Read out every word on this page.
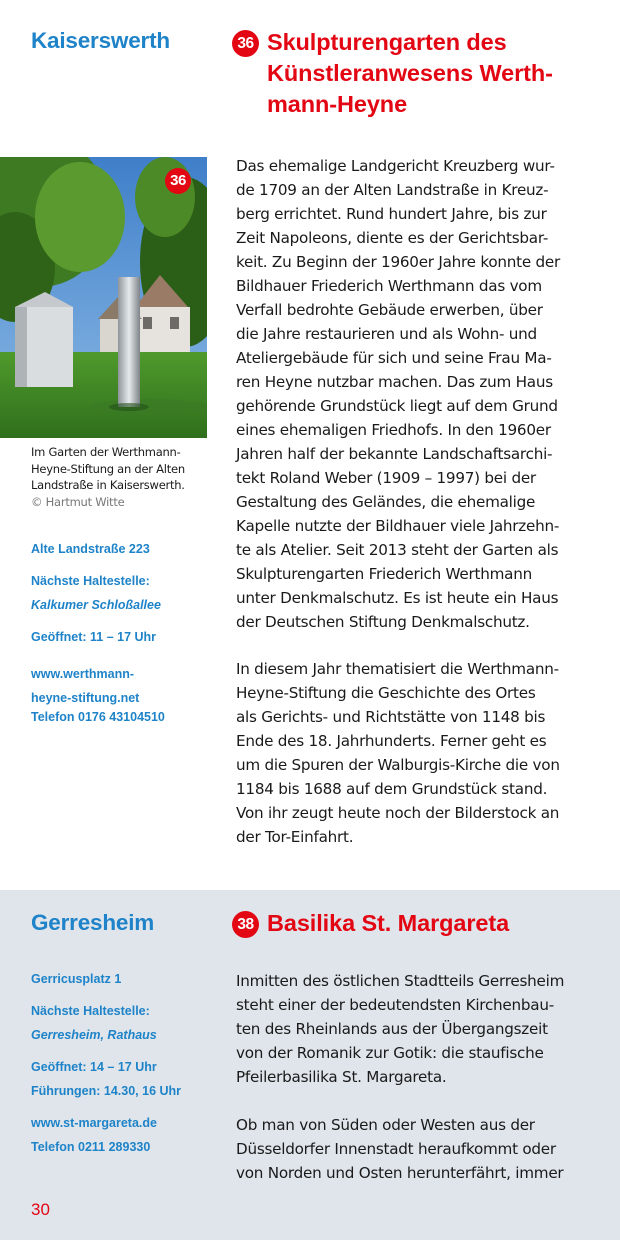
Kaiserswerth	36 Skulpturengarten des
Künstleranwesens Werth-
mann-Heyne
36
Im Garten der Werthmann-
Heyne-Stiftung an der Alten
Landstraße in Kaiserswerth.
© Hartmut Witte

Alte Landstraße 223

Nächste Haltestelle:

Kalkumer Schloßallee

Geöffnet: 11 – 17 Uhr

www.werthmann-
heyne-stiftung.net

Telefon 0176 43104510

Das ehemalige Landgericht Kreuzberg wur-
de 1709 an der Alten Landstraße in Kreuz-
berg errichtet. Rund hundert Jahre, bis zur
Zeit Napoleons, diente es der Gerichtsbar-
keit. Zu Beginn der 1960er Jahre konnte der
Bildhauer Friederich Werthmann das vom
Verfall bedrohte Gebäude erwerben, über
die Jahre restaurieren und als Wohn- und
Ateliergebäude für sich und seine Frau Ma-
ren Heyne nutzbar machen. Das zum Haus
gehörende Grundstück liegt auf dem Grund
eines ehemaligen Friedhofs. In den 1960er
Jahren half der bekannte Landschaftsarchi-
tekt Roland Weber (1909 – 1997) bei der
Gestaltung des Geländes, die ehemalige
Kapelle nutzte der Bildhauer viele Jahrzehn-
te als Atelier. Seit 2013 steht der Garten als
Skulpturengarten Friederich Werthmann
unter Denkmalschutz. Es ist heute ein Haus
der Deutschen Stiftung Denkmalschutz.
In diesem Jahr thematisiert die Werthmann-
Heyne-Stiftung die Geschichte des Ortes
als Gerichts- und Richtstätte von 1148 bis
Ende des 18. Jahrhunderts. Ferner geht es
um die Spuren der Walburgis-Kirche die von
1184 bis 1688 auf dem Grundstück stand.
Von ihr zeugt heute noch der Bilderstock an
der Tor-Einfahrt.
Gerresheim	38 Basilika St. Margareta

Gerricusplatz 1

Nächste Haltestelle:

Gerresheim, Rathaus

Geöffnet: 14 – 17 Uhr

Führungen: 14.30, 16 Uhr

www.st-margareta.de

Telefon 0211 289330

Inmitten des östlichen Stadtteils Gerresheim
steht einer der bedeutendsten Kirchenbau-
ten des Rheinlands aus der Übergangszeit
von der Romanik zur Gotik: die staufische
Pfeilerbasilika St. Margareta.
Ob man von Süden oder Westen aus der
Düsseldorfer Innenstadt heraufkommt oder
von Norden und Osten herunterfährt, immer

30
